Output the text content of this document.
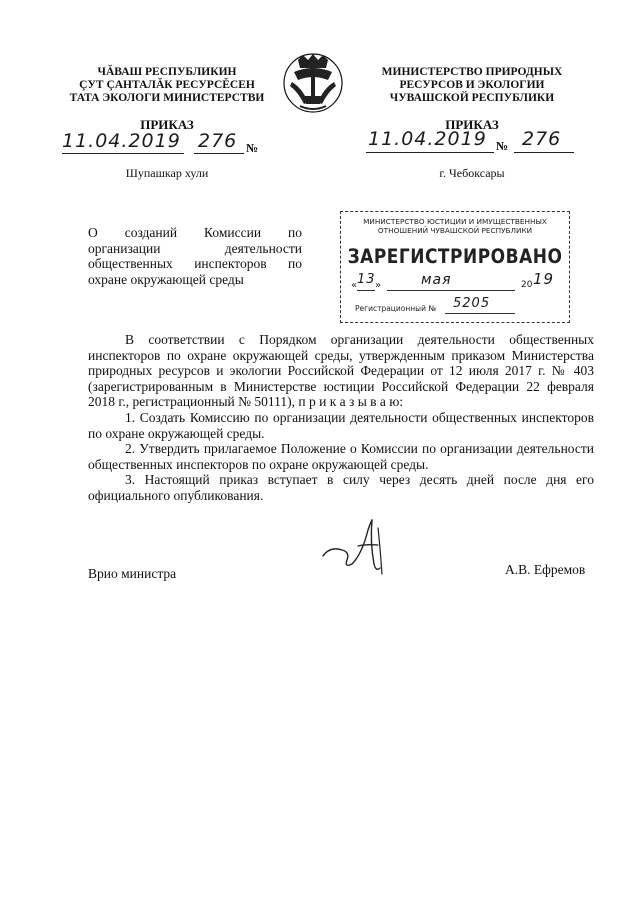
ЧĂВАШ РЕСПУБЛИКИН
ÇУТ ÇАНТАЛĂК РЕСУРСĔСЕН
ТАТА ЭКОЛОГИ МИНИСТЕРСТВИ
ПРИКАЗ
11.04.2019 276 №
Шупашкар хули
МИНИСТЕРСТВО ПРИРОДНЫХ
РЕСУРСОВ И ЭКОЛОГИИ
ЧУВАШСКОЙ РЕСПУБЛИКИ
ПРИКАЗ
11.04.2019 № 276
г. Чебоксары

О созданий Комиссии по

организации деятельности

общественных инспекторов по

охране окружающей среды

МИНИСТЕРСТВО ЮСТИЦИИ И ИМУЩЕСТВЕННЫХ
ОТНОШЕНИЙ ЧУВАШСКОЙ РЕСПУБЛИКИ
ЗАРЕГИСТРИРОВАНО
« 13 »	мая	20 19
Регистрационный № 5205

В соответствии с Порядком организации деятельности общественных инспекторов по охране окружающей среды, утвержденным приказом Министерства природных ресурсов и экологии Российской Федерации от 12 июля 2017 г. № 403 (зарегистрированным в Министерстве юстиции Российской Федерации 22 февраля 2018 г., регистрационный № 50111), п р и к а з ы в а ю:

1. Создать Комиссию по организации деятельности общественных инспекторов по охране окружающей среды.

2. Утвердить прилагаемое Положение о Комиссии по организации деятельности общественных инспекторов по охране окружающей среды.

3. Настоящий приказ вступает в силу через десять дней после дня его официального опубликования.

Врио министра	А.В. Ефремов
